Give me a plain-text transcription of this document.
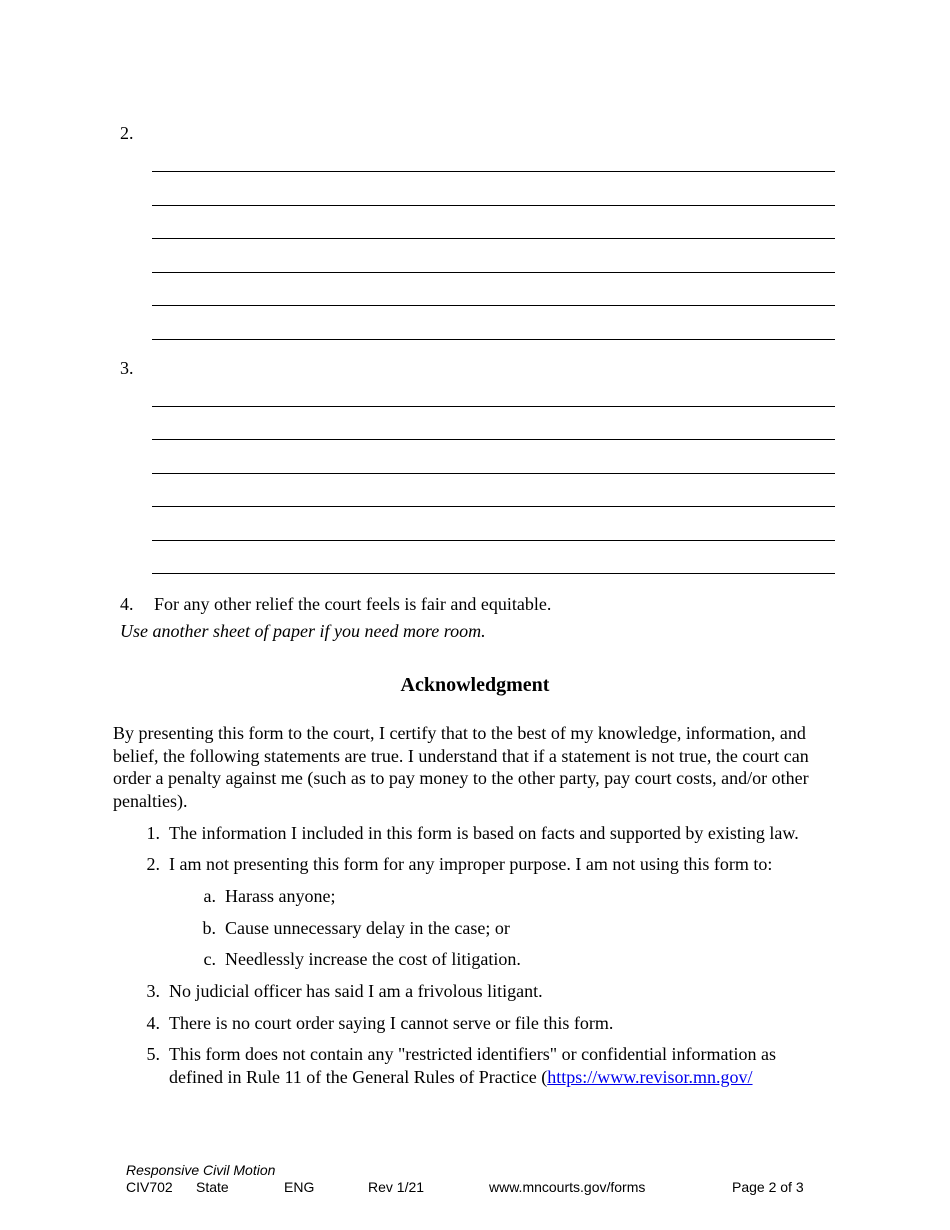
2.
3.
4. For any other relief the court feels is fair and equitable.
Use another sheet of paper if you need more room.
Acknowledgment
By presenting this form to the court, I certify that to the best of my knowledge, information, and
belief, the following statements are true. I understand that if a statement is not true, the court can
order a penalty against me (such as to pay money to the other party, pay court costs, and/or other
penalties).
1. The information I included in this form is based on facts and supported by existing law.
2. I am not presenting this form for any improper purpose. I am not using this form to:
a. Harass anyone;
b. Cause unnecessary delay in the case; or
c. Needlessly increase the cost of litigation.
3. No judicial officer has said I am a frivolous litigant.
4. There is no court order saying I cannot serve or file this form.
5. This form does not contain any "restricted identifiers" or confidential information as
defined in Rule 11 of the General Rules of Practice (https://www.revisor.mn.gov/
Responsive Civil Motion
CIV702 State	ENG	Rev 1/21	www.mncourts.gov/forms	Page 2 of 3
